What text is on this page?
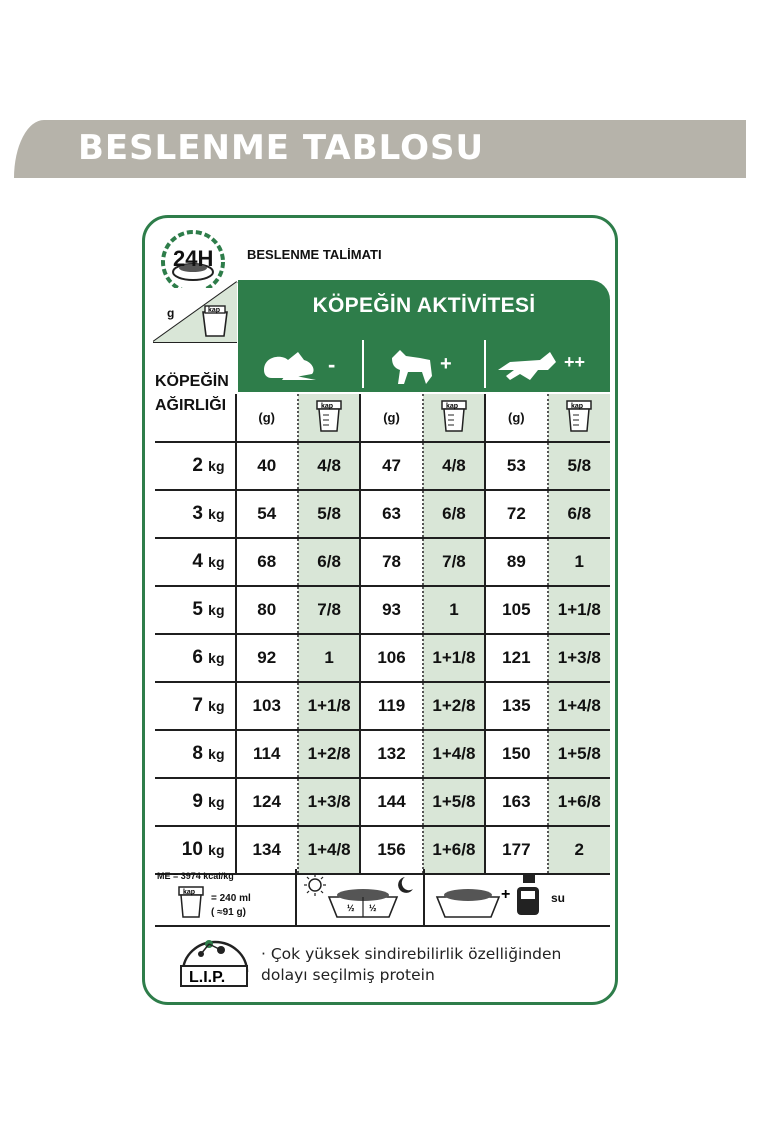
BESLENME TABLOSU
24H
kap
g
BESLENME TALİMATI
KÖPEĞİN AKTİVİTESİ
-	+	++
KÖPEĞİN
AĞIRLIĞI
	(g)	kap	(g)	kap	(g)	kap

2 kg	40	4/8	47	4/8	53	5/8
3 kg	54	5/8	63	6/8	72	6/8
4 kg	68	6/8	78	7/8	89	1
5 kg	80	7/8	93	1	105	1+1/8
6 kg	92	1	106	1+1/8	121	1+3/8
7 kg	103	1+1/8	119	1+2/8	135	1+4/8
8 kg	114	1+2/8	132	1+4/8	150	1+5/8
9 kg	124	1+3/8	144	1+5/8	163	1+6/8
10 kg	134	1+4/8	156	1+6/8	177	2
ME = 3974 kcal/kg
kap
= 240 ml
( ≈91 g)	½ ½
+	su
L.I.P.
· Çok yüksek sindirebilirlik özelliğinden
dolayı seçilmiş protein
